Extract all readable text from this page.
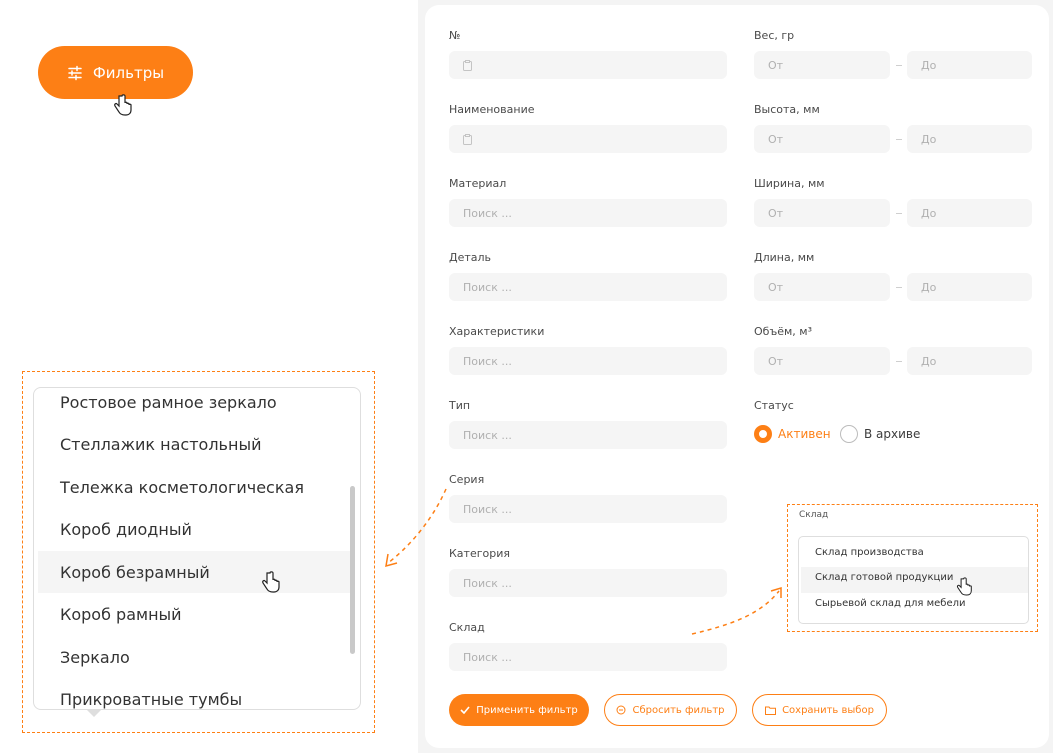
Фильтры
№
Наименование
Материал
Поиск ...
Деталь
Поиск ...
Характеристики
Поиск ...
Тип
Поиск ...
Серия
Поиск ...
Категория
Поиск ...
Склад
Поиск ...
Вес, гр
От	До
Высота, мм
От	До
Ширина, мм
От	До
Длина, мм
От	До
Объём, м³
От	До
Статус
Активен	В архиве
Применить фильтр	Сбросить фильтр	Сохранить выбор
Ростовое рамное зеркало
Стеллажик настольный
Тележка косметологическая
Короб диодный
Короб безрамный
Короб рамный
Зеркало
Прикроватные тумбы
Склад
Склад производства
Склад готовой продукции
Сырьевой склад для мебели
